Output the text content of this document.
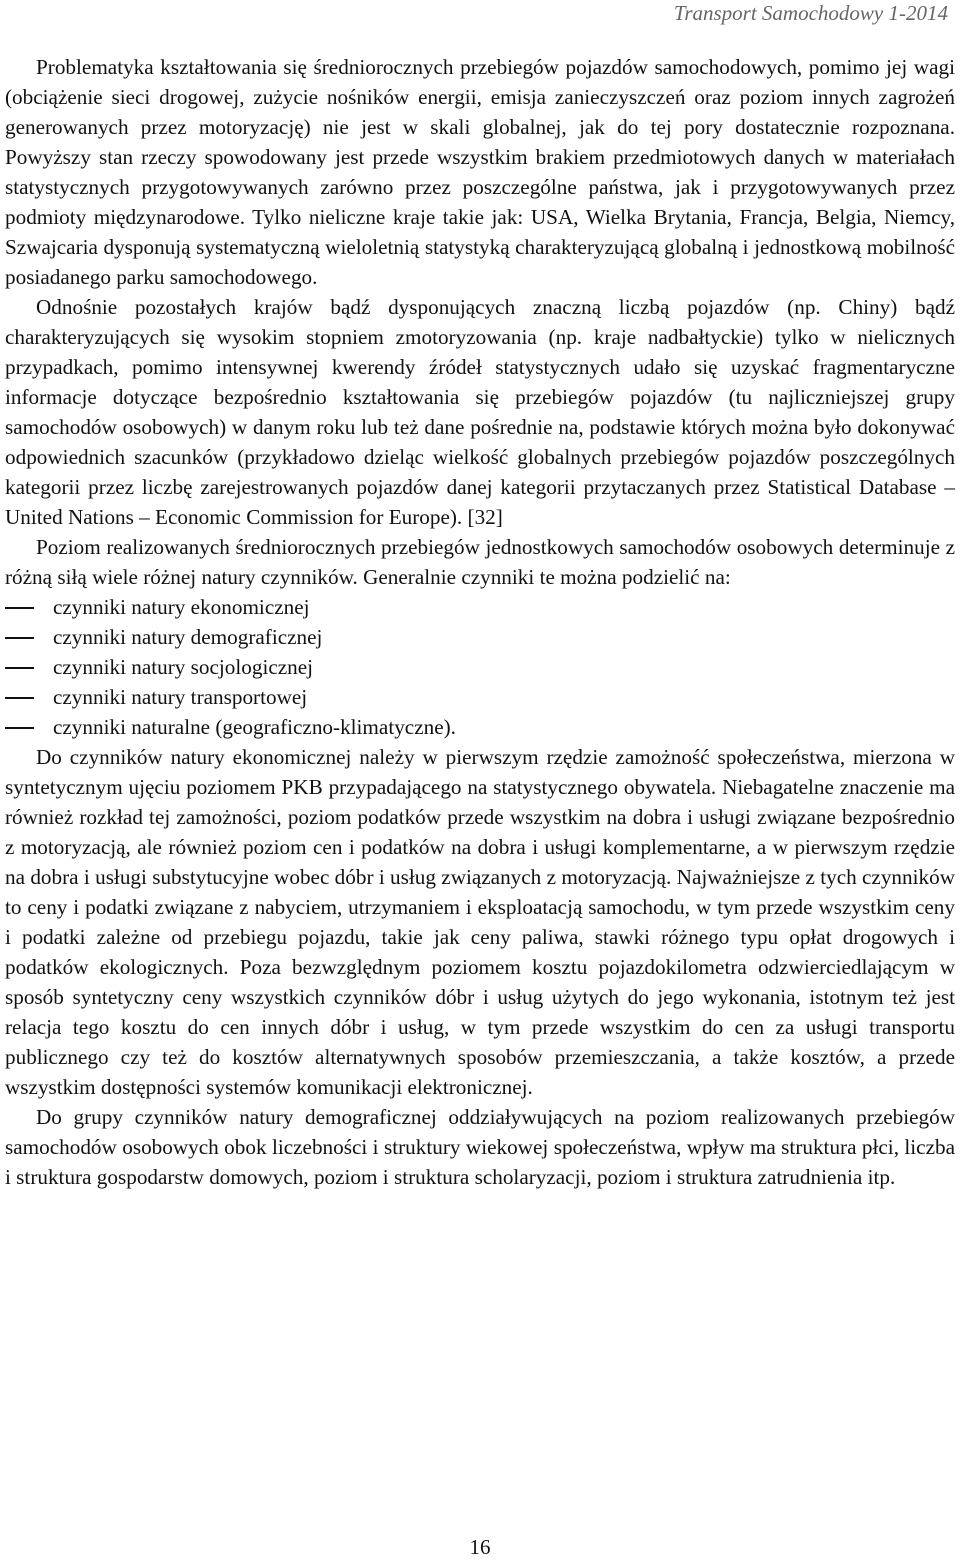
Transport Samochodowy 1-2014

Problematyka kształtowania się średniorocznych przebiegów pojazdów samochodowych, pomimo jej wagi (obciążenie sieci drogowej, zużycie nośników energii, emisja zanieczyszczeń oraz poziom innych zagrożeń generowanych przez motoryzację) nie jest w skali globalnej, jak do tej pory dostatecznie rozpoznana. Powyższy stan rzeczy spowodowany jest przede wszystkim brakiem przedmiotowych danych w materiałach statystycznych przygotowywanych zarówno przez poszczególne państwa, jak i przygotowywanych przez podmioty międzynarodowe. Tylko nieliczne kraje takie jak: USA, Wielka Brytania, Francja, Belgia, Niemcy, Szwajcaria dysponują systematyczną wieloletnią statystyką charakteryzującą globalną i jednostkową mobilność posiadanego parku samochodowego.

Odnośnie pozostałych krajów bądź dysponujących znaczną liczbą pojazdów (np. Chiny) bądź charakteryzujących się wysokim stopniem zmotoryzowania (np. kraje nadbałtyckie) tylko w nielicznych przypadkach, pomimo intensywnej kwerendy źródeł statystycznych udało się uzyskać fragmentaryczne informacje dotyczące bezpośrednio kształtowania się przebiegów pojazdów (tu najliczniejszej grupy samochodów osobowych) w danym roku lub też dane pośrednie na, podstawie których można było dokonywać odpowiednich szacunków (przykładowo dzieląc wielkość globalnych przebiegów pojazdów poszczególnych kategorii przez liczbę zarejestrowanych pojazdów danej kategorii przytaczanych przez Statistical Database – United Nations – Economic Commission for Europe). [32]

Poziom realizowanych średniorocznych przebiegów jednostkowych samochodów osobowych determinuje z różną siłą wiele różnej natury czynników. Generalnie czynniki te można podzielić na:

czynniki natury ekonomicznej
czynniki natury demograficznej
czynniki natury socjologicznej
czynniki natury transportowej
czynniki naturalne (geograficzno-klimatyczne).

Do czynników natury ekonomicznej należy w pierwszym rzędzie zamożność społeczeństwa, mierzona w syntetycznym ujęciu poziomem PKB przypadającego na statystycznego obywatela. Niebagatelne znaczenie ma również rozkład tej zamożności, poziom podatków przede wszystkim na dobra i usługi związane bezpośrednio z motoryzacją, ale również poziom cen i podatków na dobra i usługi komplementarne, a w pierwszym rzędzie na dobra i usługi substytucyjne wobec dóbr i usług związanych z motoryzacją. Najważniejsze z tych czynników to ceny i podatki związane z nabyciem, utrzymaniem i eksploatacją samochodu, w tym przede wszystkim ceny i podatki zależne od przebiegu pojazdu, takie jak ceny paliwa, stawki różnego typu opłat drogowych i podatków ekologicznych. Poza bezwzględnym poziomem kosztu pojazdokilometra odzwierciedlającym w sposób syntetyczny ceny wszystkich czynników dóbr i usług użytych do jego wykonania, istotnym też jest relacja tego kosztu do cen innych dóbr i usług, w tym przede wszystkim do cen za usługi transportu publicznego czy też do kosztów alternatywnych sposobów przemieszczania, a także kosztów, a przede wszystkim dostępności systemów komunikacji elektronicznej.

Do grupy czynników natury demograficznej oddziaływujących na poziom realizowanych przebiegów samochodów osobowych obok liczebności i struktury wiekowej społeczeństwa, wpływ ma struktura płci, liczba i struktura gospodarstw domowych, poziom i struktura scholaryzacji, poziom i struktura zatrudnienia itp.

16
